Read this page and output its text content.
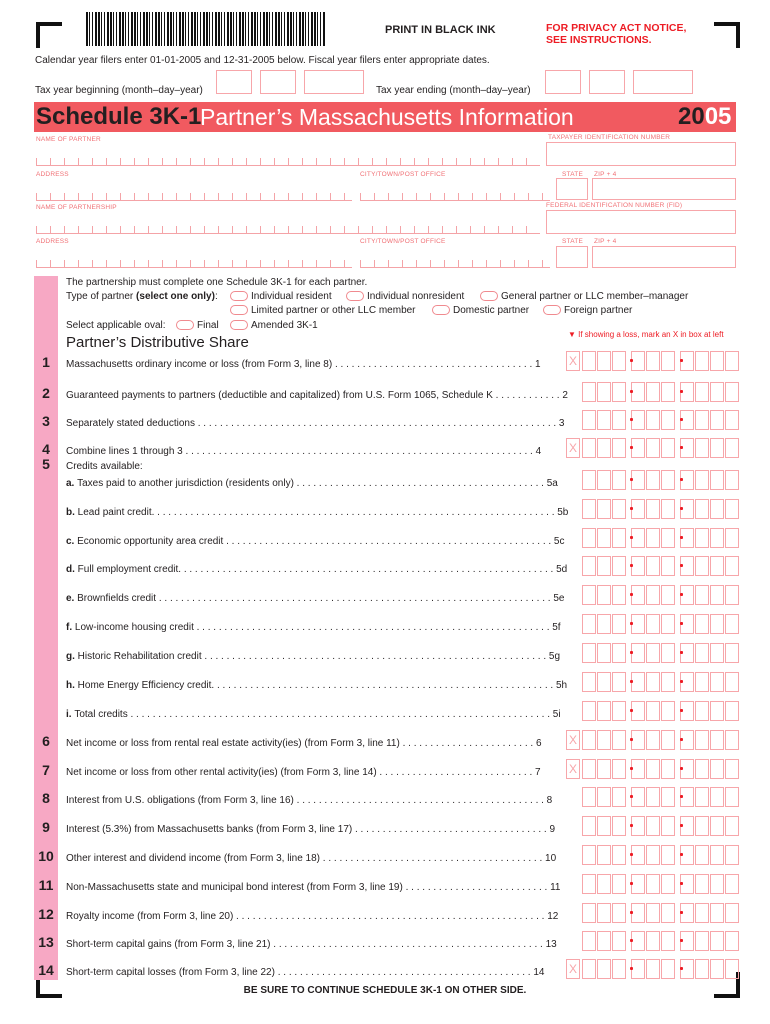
PRINT IN BLACK INK	FOR PRIVACY ACT NOTICE,
SEE INSTRUCTIONS.
Calendar year filers enter 01-01-2005 and 12-31-2005 below. Fiscal year filers enter appropriate dates.
Tax year beginning (month–day–year)	Tax year ending (month–day–year)
Schedule 3K-1
Partner’s Massachusetts Information	2005
NAME OF PARTNER	TAXPAYER IDENTIFICATION NUMBER
ADDRESS	CITY/TOWN/POST OFFICE	STATE ZIP + 4
NAME OF PARTNERSHIP	FEDERAL IDENTIFICATION NUMBER (FID)
ADDRESS	CITY/TOWN/POST OFFICE	STATE ZIP + 4
The partnership must complete one Schedule 3K-1 for each partner.
Type of partner (select one only):	Individual resident	Individual nonresident	General partner or LLC member–manager
Limited partner or other LLC member	Domestic partner	Foreign partner
Select applicable oval:	Final	Amended 3K-1
▼ If showing a loss, mark an X in box at left
Partner’s Distributive Share
1	Massachusetts ordinary income or loss (from Form 3, line 8) . . . . . . . . . . . . . . . . . . . . . . . . . . . . . . . . . . . . 1 X
2	Guaranteed payments to partners (deductible and capitalized) from U.S. Form 1065, Schedule K . . . . . . . . . . . . 2
3	Separately stated deductions . . . . . . . . . . . . . . . . . . . . . . . . . . . . . . . . . . . . . . . . . . . . . . . . . . . . . . . . . . . . . . . . . 3
4	Combine lines 1 through 3 . . . . . . . . . . . . . . . . . . . . . . . . . . . . . . . . . . . . . . . . . . . . . . . . . . . . . . . . . . . . . . . 4 X
5	Credits available:
a. Taxes paid to another jurisdiction (residents only) . . . . . . . . . . . . . . . . . . . . . . . . . . . . . . . . . . . . . . . . . . . . . 5a
b. Lead paint credit. . . . . . . . . . . . . . . . . . . . . . . . . . . . . . . . . . . . . . . . . . . . . . . . . . . . . . . . . . . . . . . . . . . . . . . . . 5b
c. Economic opportunity area credit . . . . . . . . . . . . . . . . . . . . . . . . . . . . . . . . . . . . . . . . . . . . . . . . . . . . . . . . . . . 5c
d. Full employment credit. . . . . . . . . . . . . . . . . . . . . . . . . . . . . . . . . . . . . . . . . . . . . . . . . . . . . . . . . . . . . . . . . . . . 5d
e. Brownfields credit . . . . . . . . . . . . . . . . . . . . . . . . . . . . . . . . . . . . . . . . . . . . . . . . . . . . . . . . . . . . . . . . . . . . . . . 5e
f. Low-income housing credit . . . . . . . . . . . . . . . . . . . . . . . . . . . . . . . . . . . . . . . . . . . . . . . . . . . . . . . . . . . . . . . . 5f
g. Historic Rehabilitation credit . . . . . . . . . . . . . . . . . . . . . . . . . . . . . . . . . . . . . . . . . . . . . . . . . . . . . . . . . . . . . . 5g
h. Home Energy Efficiency credit. . . . . . . . . . . . . . . . . . . . . . . . . . . . . . . . . . . . . . . . . . . . . . . . . . . . . . . . . . . . . . 5h
i. Total credits . . . . . . . . . . . . . . . . . . . . . . . . . . . . . . . . . . . . . . . . . . . . . . . . . . . . . . . . . . . . . . . . . . . . . . . . . . . . 5i
6	Net income or loss from rental real estate activity(ies) (from Form 3, line 11) . . . . . . . . . . . . . . . . . . . . . . . . 6 X
7	Net income or loss from other rental activity(ies) (from Form 3, line 14) . . . . . . . . . . . . . . . . . . . . . . . . . . . . 7 X
8	Interest from U.S. obligations (from Form 3, line 16) . . . . . . . . . . . . . . . . . . . . . . . . . . . . . . . . . . . . . . . . . . . . . 8
9	Interest (5.3%) from Massachusetts banks (from Form 3, line 17) . . . . . . . . . . . . . . . . . . . . . . . . . . . . . . . . . . . 9
10	Other interest and dividend income (from Form 3, line 18) . . . . . . . . . . . . . . . . . . . . . . . . . . . . . . . . . . . . . . . . 10
11	Non-Massachusetts state and municipal bond interest (from Form 3, line 19) . . . . . . . . . . . . . . . . . . . . . . . . . . 11
12	Royalty income (from Form 3, line 20) . . . . . . . . . . . . . . . . . . . . . . . . . . . . . . . . . . . . . . . . . . . . . . . . . . . . . . . . 12
13	Short-term capital gains (from Form 3, line 21) . . . . . . . . . . . . . . . . . . . . . . . . . . . . . . . . . . . . . . . . . . . . . . . . . 13
14	Short-term capital losses (from Form 3, line 22) . . . . . . . . . . . . . . . . . . . . . . . . . . . . . . . . . . . . . . . . . . . . . . 14 X
BE SURE TO CONTINUE SCHEDULE 3K-1 ON OTHER SIDE.
